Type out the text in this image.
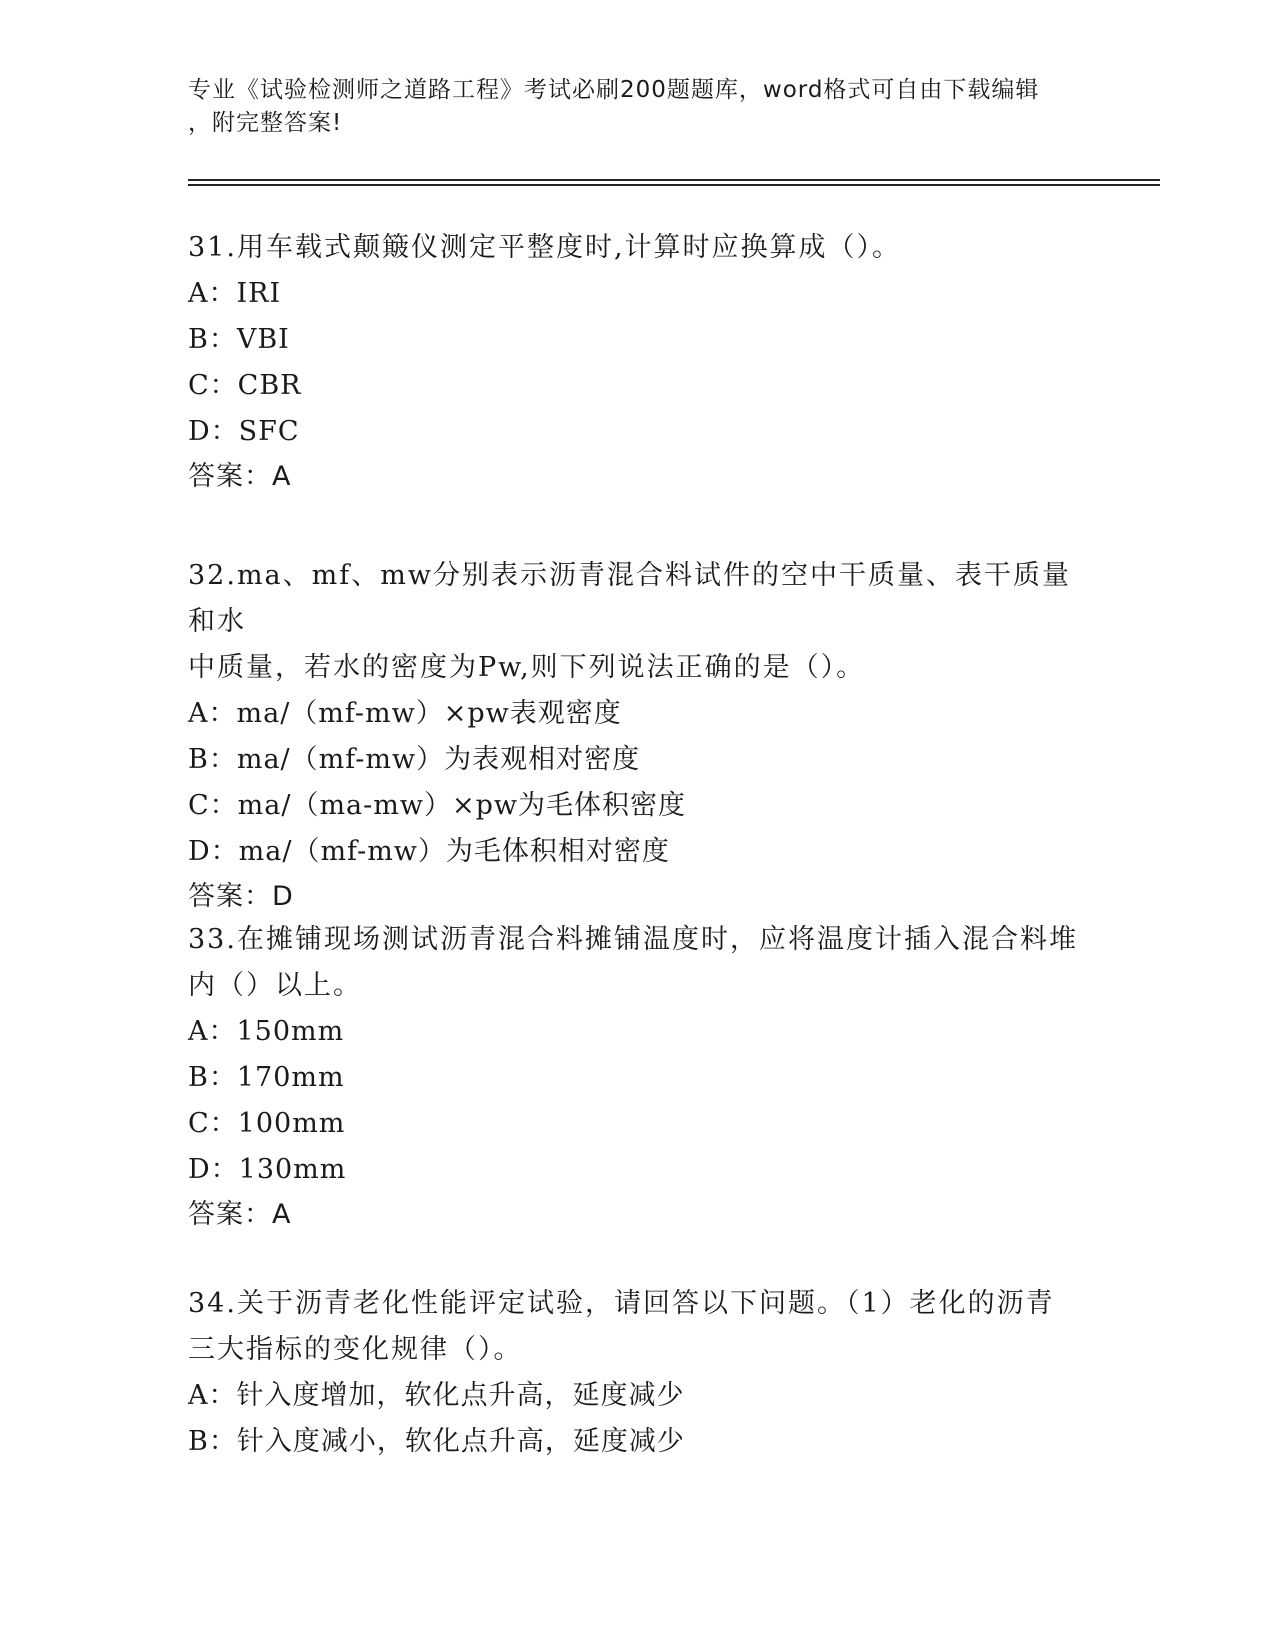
专业《试验检测师之道路工程》考试必刷200题题库，word格式可自由下载编辑
，附完整答案!

31.用车载式颠簸仪测定平整度时,计算时应换算成（）。

A：IRI

B：VBI

C：CBR

D：SFC

答案：A

32.ma、mf、mw分别表示沥青混合料试件的空中干质量、表干质量和水

中质量，若水的密度为Pw,则下列说法正确的是（）。

A：ma/（mf-mw）×pw表观密度

B：ma/（mf-mw）为表观相对密度

C：ma/（ma-mw）×pw为毛体积密度

D：ma/（mf-mw）为毛体积相对密度

答案：D

33.在摊铺现场测试沥青混合料摊铺温度时，应将温度计插入混合料堆

内（）以上。

A：150mm

B：170mm

C：100mm

D：130mm

答案：A

34.关于沥青老化性能评定试验，请回答以下问题。（1）老化的沥青

三大指标的变化规律（）。

A：针入度增加，软化点升高，延度减少

B：针入度减小，软化点升高，延度减少
